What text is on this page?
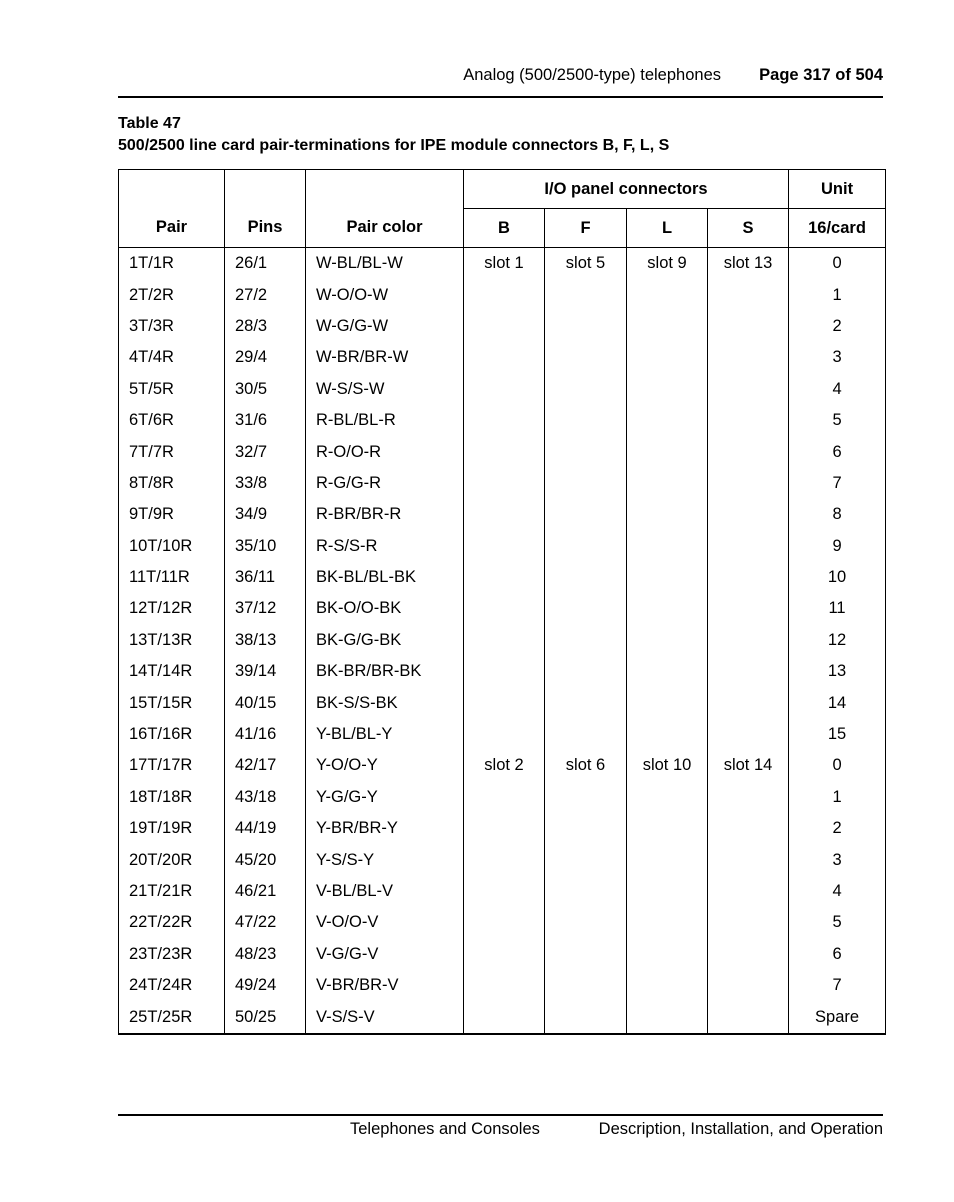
Analog (500/2500-type) telephones Page 317 of 504
Table 47
500/2500 line card pair-terminations for IPE module connectors B, F, L, S
			I/O panel connectors				Unit
Pair	Pins	Pair color	B	F	L	S	16/card
1T/1R	26/1	W-BL/BL-W	slot 1	slot 5	slot 9	slot 13	0
2T/2R	27/2	W-O/O-W					1
3T/3R	28/3	W-G/G-W					2
4T/4R	29/4	W-BR/BR-W					3
5T/5R	30/5	W-S/S-W					4
6T/6R	31/6	R-BL/BL-R					5
7T/7R	32/7	R-O/O-R					6
8T/8R	33/8	R-G/G-R					7
9T/9R	34/9	R-BR/BR-R					8
10T/10R	35/10	R-S/S-R					9
11T/11R	36/11	BK-BL/BL-BK					10
12T/12R	37/12	BK-O/O-BK					11
13T/13R	38/13	BK-G/G-BK					12
14T/14R	39/14	BK-BR/BR-BK					13
15T/15R	40/15	BK-S/S-BK					14
16T/16R	41/16	Y-BL/BL-Y					15
17T/17R	42/17	Y-O/O-Y	slot 2	slot 6	slot 10	slot 14	0
18T/18R	43/18	Y-G/G-Y					1
19T/19R	44/19	Y-BR/BR-Y					2
20T/20R	45/20	Y-S/S-Y					3
21T/21R	46/21	V-BL/BL-V					4
22T/22R	47/22	V-O/O-V					5
23T/23R	48/23	V-G/G-V					6
24T/24R	49/24	V-BR/BR-V					7
25T/25R	50/25	V-S/S-V					Spare
Telephones and Consoles	Description, Installation, and Operation
